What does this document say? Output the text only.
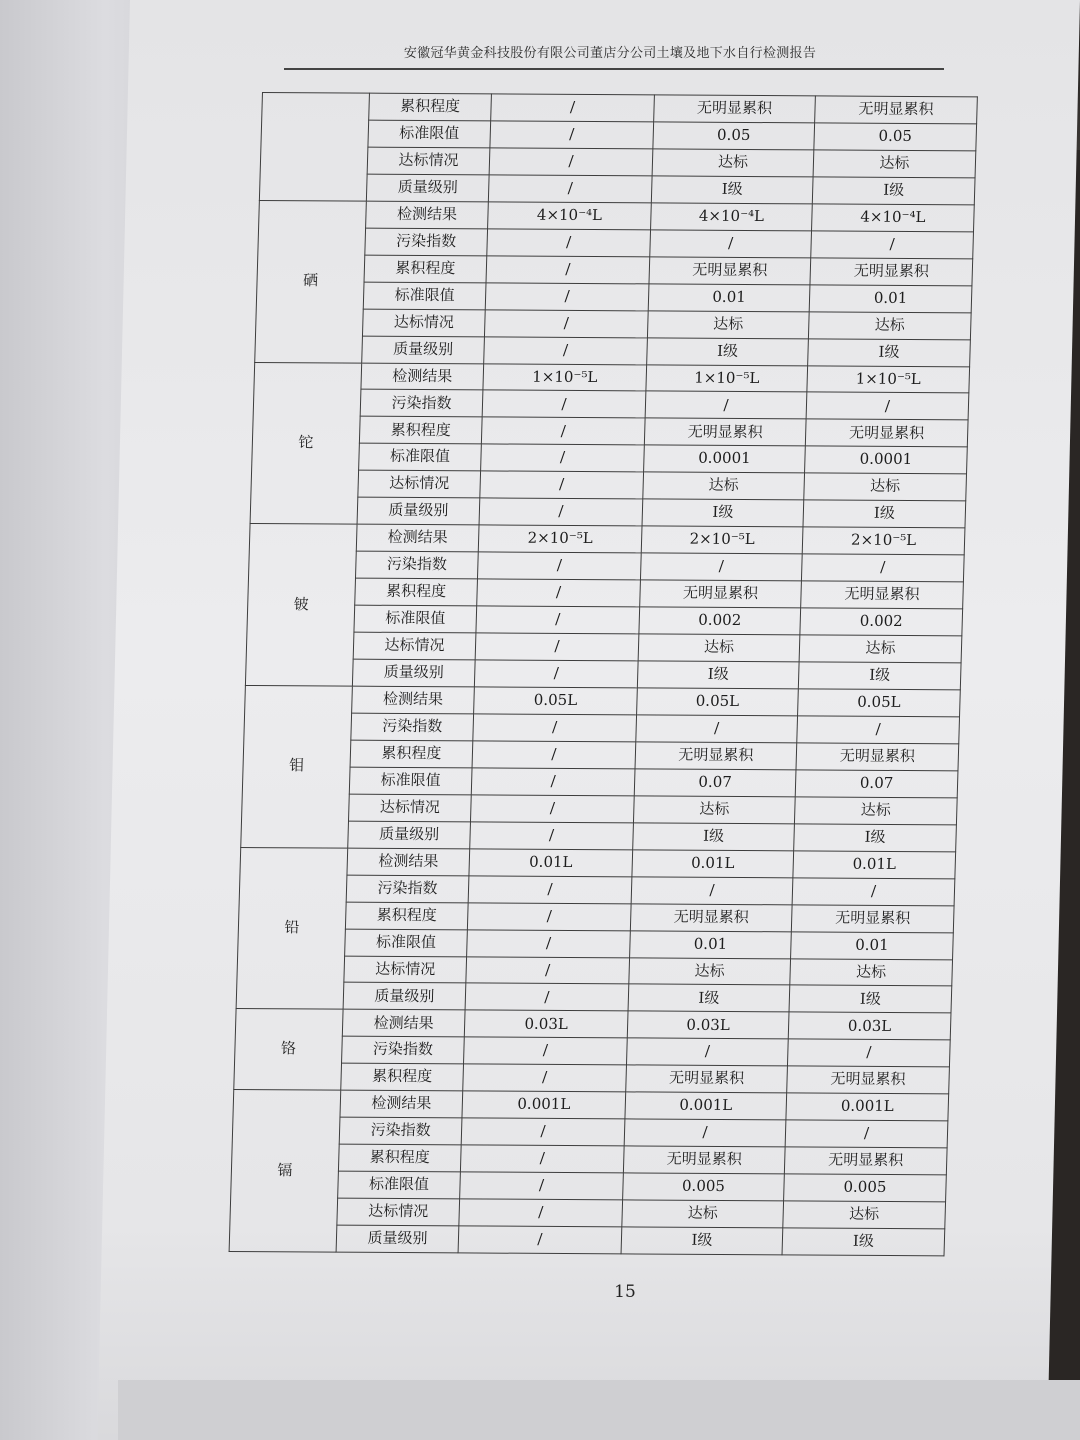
安徽冠华黄金科技股份有限公司董店分公司土壤及地下水自行检测报告
	累积程度	/	无明显累积	无明显累积
	标准限值	/	0.05	0.05
	达标情况	/	达标	达标
	质量级别	/	Ⅰ级	Ⅰ级
硒	检测结果	4×10⁻⁴L	4×10⁻⁴L	4×10⁻⁴L
	污染指数	/	/	/
	累积程度	/	无明显累积	无明显累积
	标准限值	/	0.01	0.01
	达标情况	/	达标	达标
	质量级别	/	Ⅰ级	Ⅰ级
铊	检测结果	1×10⁻⁵L	1×10⁻⁵L	1×10⁻⁵L
	污染指数	/	/	/
	累积程度	/	无明显累积	无明显累积
	标准限值	/	0.0001	0.0001
	达标情况	/	达标	达标
	质量级别	/	Ⅰ级	Ⅰ级
铍	检测结果	2×10⁻⁵L	2×10⁻⁵L	2×10⁻⁵L
	污染指数	/	/	/
	累积程度	/	无明显累积	无明显累积
	标准限值	/	0.002	0.002
	达标情况	/	达标	达标
	质量级别	/	Ⅰ级	Ⅰ级
钼	检测结果	0.05L	0.05L	0.05L
	污染指数	/	/	/
	累积程度	/	无明显累积	无明显累积
	标准限值	/	0.07	0.07
	达标情况	/	达标	达标
	质量级别	/	Ⅰ级	Ⅰ级
铅	检测结果	0.01L	0.01L	0.01L
	污染指数	/	/	/
	累积程度	/	无明显累积	无明显累积
	标准限值	/	0.01	0.01
	达标情况	/	达标	达标
	质量级别	/	Ⅰ级	Ⅰ级
铬	检测结果	0.03L	0.03L	0.03L
	污染指数	/	/	/
	累积程度	/	无明显累积	无明显累积
镉	检测结果	0.001L	0.001L	0.001L
	污染指数	/	/	/
	累积程度	/	无明显累积	无明显累积
	标准限值	/	0.005	0.005
	达标情况	/	达标	达标
	质量级别	/	Ⅰ级	Ⅰ级
15
